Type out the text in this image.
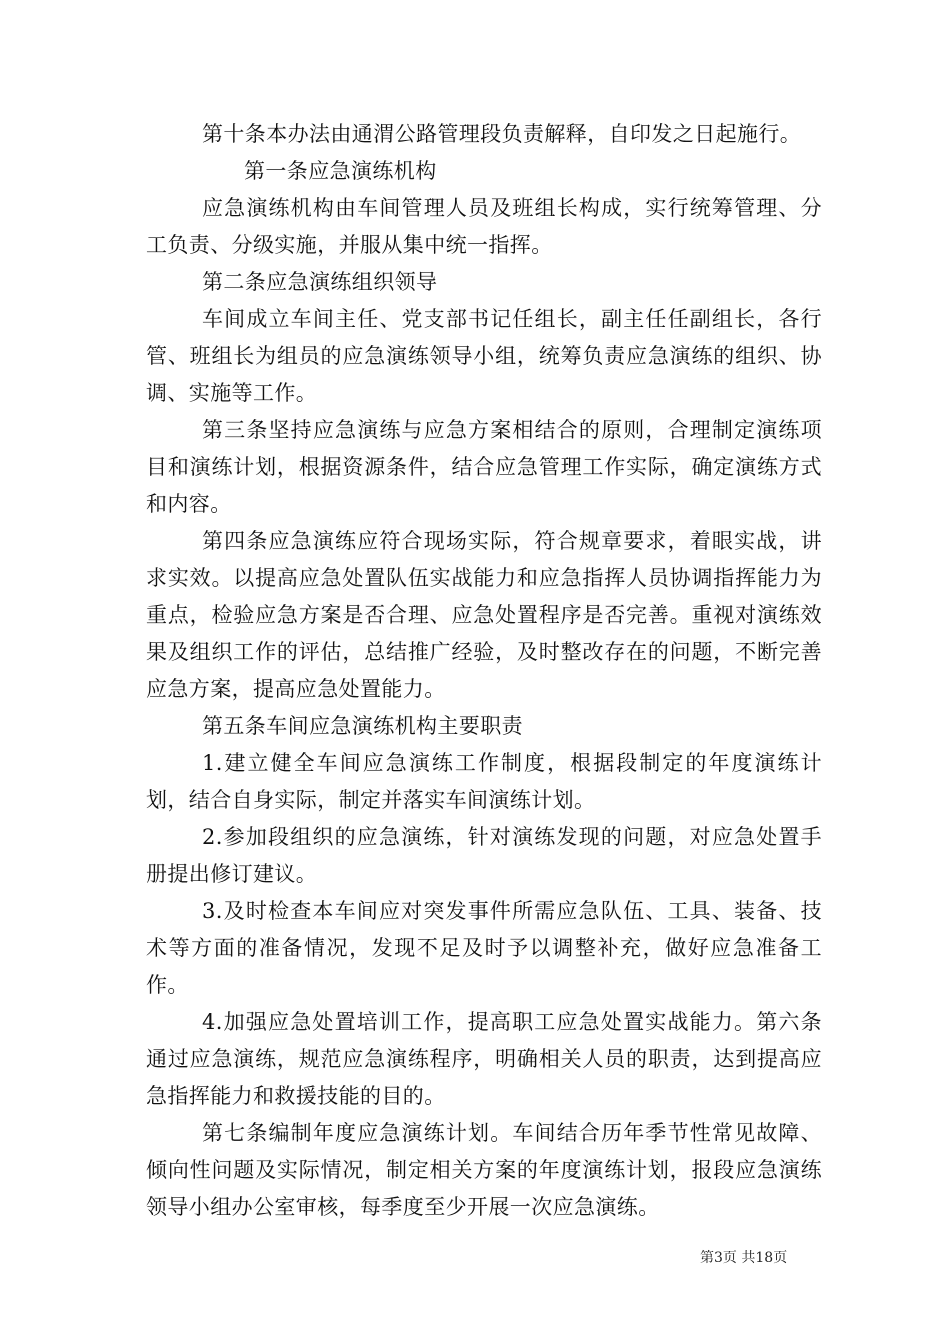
第十条本办法由通渭公路管理段负责解释，自印发之日起施行。

第一条应急演练机构

应急演练机构由车间管理人员及班组长构成，实行统筹管理、分工负责、分级实施，并服从集中统一指挥。

第二条应急演练组织领导

车间成立车间主任、党支部书记任组长，副主任任副组长，各行管、班组长为组员的应急演练领导小组，统筹负责应急演练的组织、协调、实施等工作。

第三条坚持应急演练与应急方案相结合的原则，合理制定演练项目和演练计划，根据资源条件，结合应急管理工作实际，确定演练方式和内容。

第四条应急演练应符合现场实际，符合规章要求，着眼实战，讲求实效。以提高应急处置队伍实战能力和应急指挥人员协调指挥能力为重点，检验应急方案是否合理、应急处置程序是否完善。重视对演练效果及组织工作的评估，总结推广经验，及时整改存在的问题，不断完善应急方案，提高应急处置能力。

第五条车间应急演练机构主要职责

1.建立健全车间应急演练工作制度，根据段制定的年度演练计划，结合自身实际，制定并落实车间演练计划。

2.参加段组织的应急演练，针对演练发现的问题，对应急处置手册提出修订建议。

3.及时检查本车间应对突发事件所需应急队伍、工具、装备、技术等方面的准备情况，发现不足及时予以调整补充，做好应急准备工作。

4.加强应急处置培训工作，提高职工应急处置实战能力。第六条通过应急演练，规范应急演练程序，明确相关人员的职责，达到提高应急指挥能力和救援技能的目的。

第七条编制年度应急演练计划。车间结合历年季节性常见故障、倾向性问题及实际情况，制定相关方案的年度演练计划，报段应急演练领导小组办公室审核，每季度至少开展一次应急演练。

第3页 共18页
